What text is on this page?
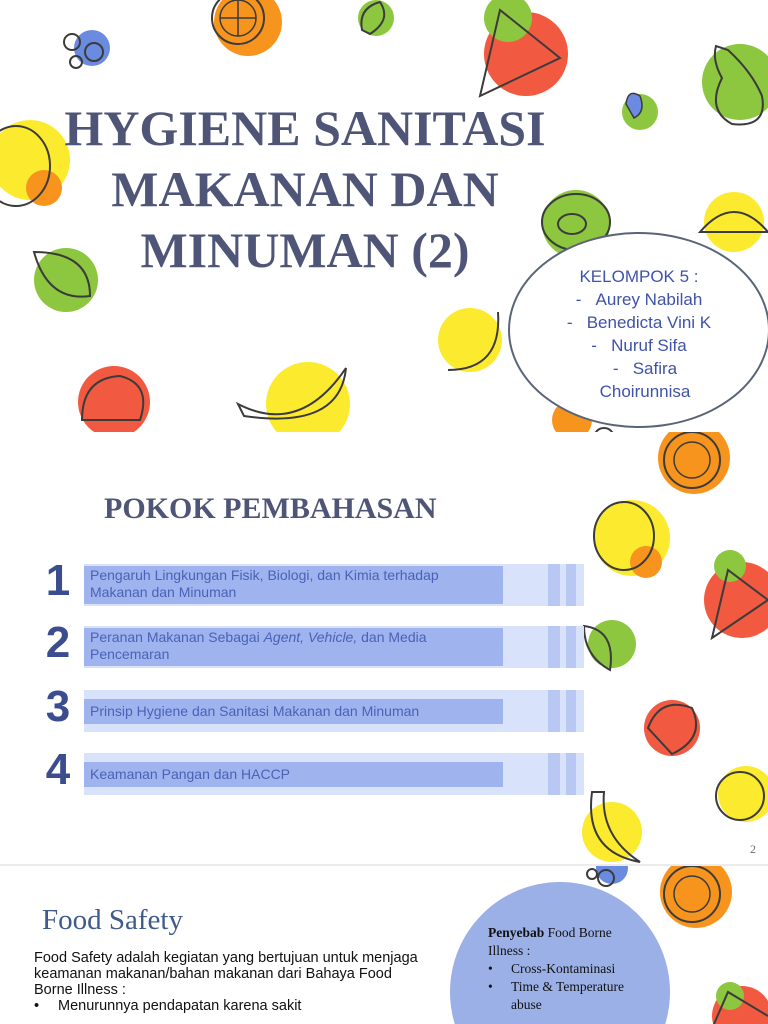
HYGIENE SANITASI MAKANAN DAN MINUMAN (2)	KELOMPOK 5 :
- Aurey Nabilah
- Benedicta Vini K
- Nuruf Sifa
- Safira Choirunnisa
POKOK PEMBAHASAN
1	Pengaruh Lingkungan Fisik, Biologi, dan Kimia terhadap Makanan dan Minuman
2	Peranan Makanan Sebagai Agent, Vehicle, dan Media Pencemaran
3	Prinsip Hygiene dan Sanitasi Makanan dan Minuman
4	Keamanan Pangan dan HACCP
2
Food Safety
Food Safety adalah kegiatan yang bertujuan untuk menjaga keamanan makanan/bahan makanan dari Bahaya Food Borne Illness :
•	Menurunnya pendapatan karena sakit
Penyebab Food Borne Illness :
•	Cross-Kontaminasi
•	Time & Temperature abuse
